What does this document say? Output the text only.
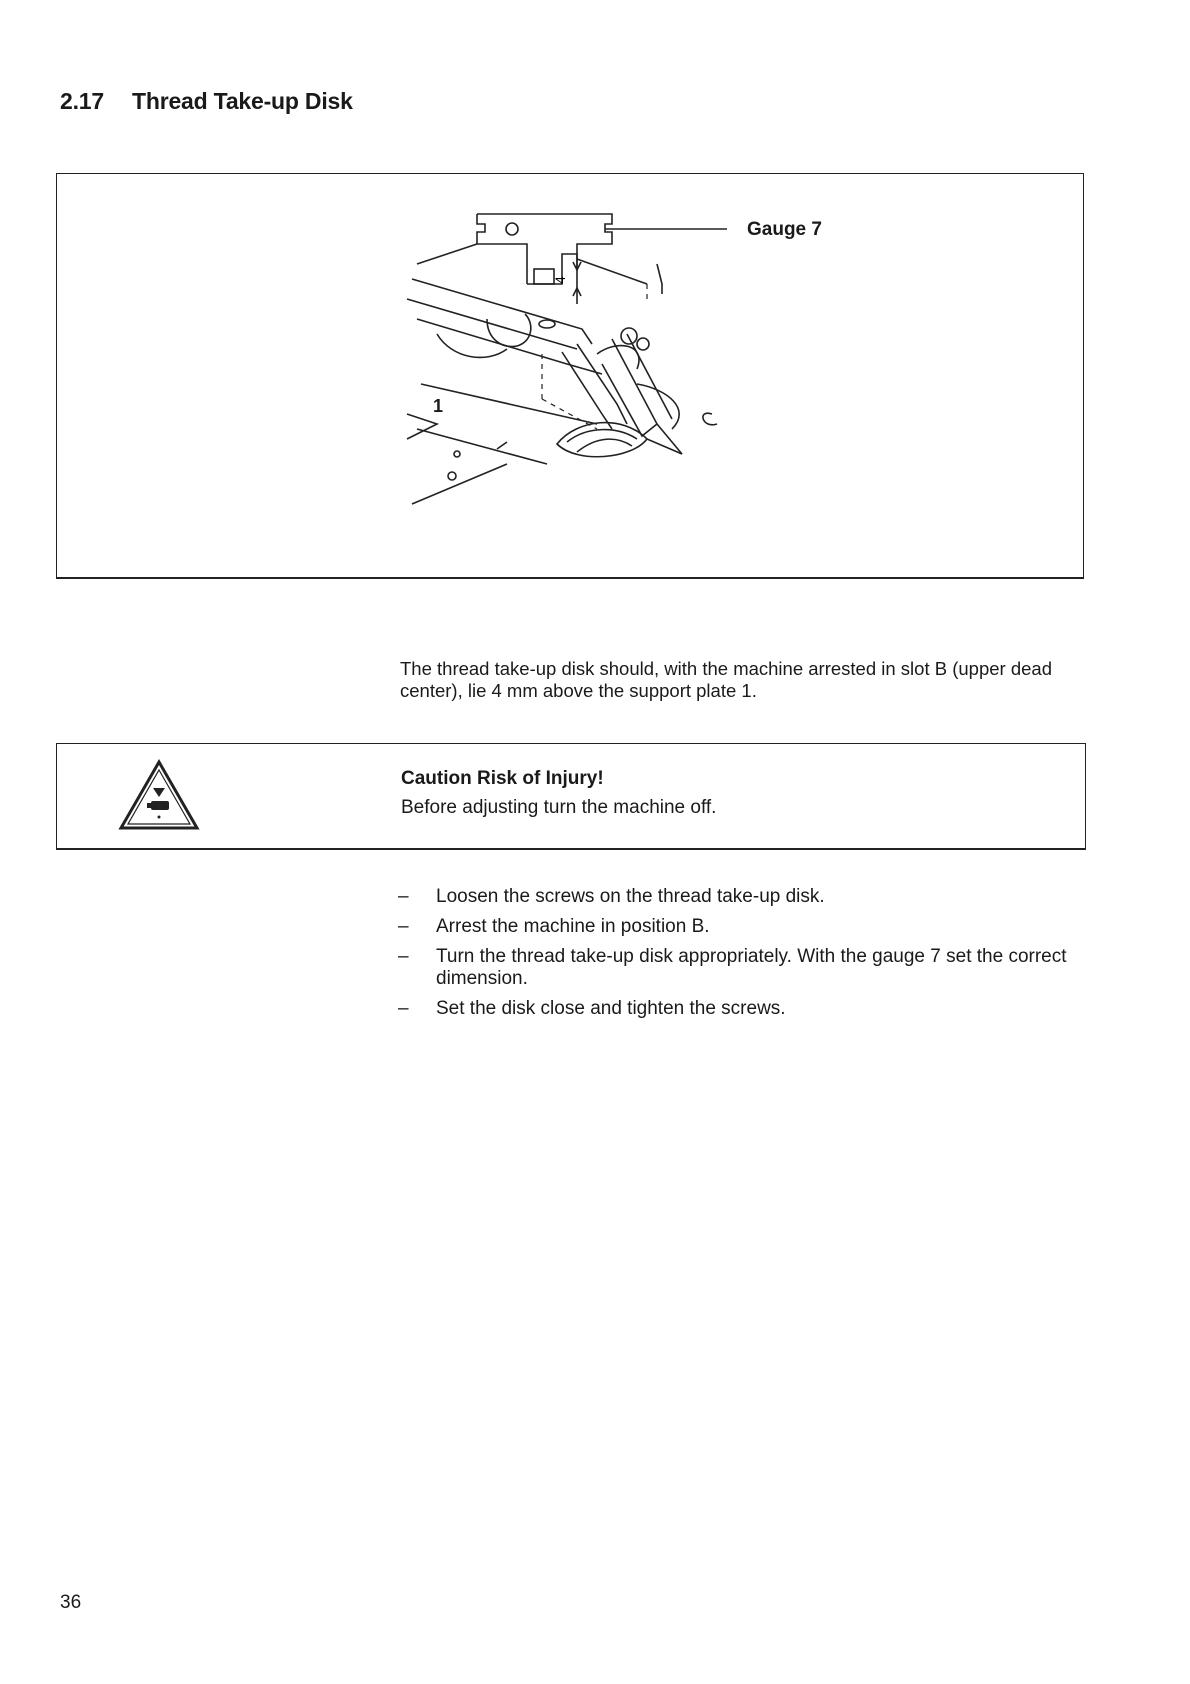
2.17 Thread Take-up Disk
4
Gauge 7
1
The thread take-up disk should, with the machine arrested in slot B (upper dead center), lie 4 mm above the support plate 1.
Caution Risk of Injury!
Before adjusting turn the machine off.
– Loosen the screws on the thread take-up disk.
– Arrest the machine in position B.
– Turn the thread take-up disk appropriately. With the gauge 7 set the correct dimension.
– Set the disk close and tighten the screws.
36
